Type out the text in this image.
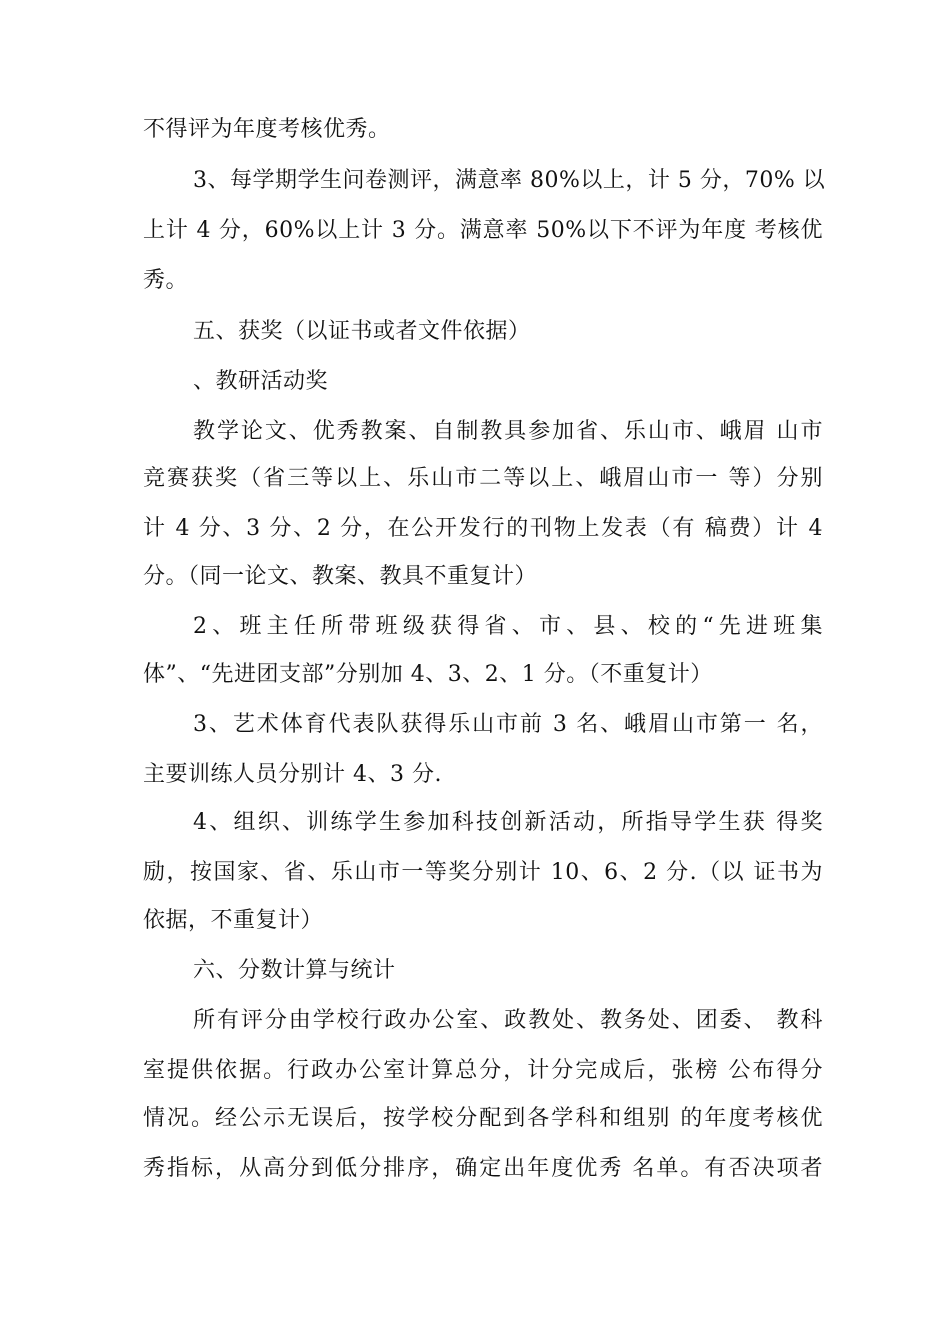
不得评为年度考核优秀。
3、每学期学生问卷测评，满意率 80%以上，计 5 分，70% 以
上计 4 分，60%以上计 3 分。满意率 50%以下不评为年度 考核优
秀。
五、获奖（以证书或者文件依据）
、教研活动奖
教学论文、优秀教案、自制教具参加省、乐山市、峨眉 山市
竞赛获奖（省三等以上、乐山市二等以上、峨眉山市一 等）分别
计 4 分、3 分、2 分，在公开发行的刊物上发表（有 稿费）计 4
分。（同一论文、教案、教具不重复计）
2、班主任所带班级获得省、市、县、校的“先进班集
体”、“先进团支部”分别加 4、3、2、1 分。（不重复计）
3、艺术体育代表队获得乐山市前 3 名、峨眉山市第一 名，
主要训练人员分别计 4、3 分.
4、组织、训练学生参加科技创新活动，所指导学生获 得奖
励，按国家、省、乐山市一等奖分别计 10、6、2 分.（以 证书为
依据，不重复计）
六、分数计算与统计
所有评分由学校行政办公室、政教处、教务处、团委、 教科
室提供依据。行政办公室计算总分，计分完成后，张榜 公布得分
情况。经公示无误后，按学校分配到各学科和组别 的年度考核优
秀指标，从高分到低分排序，确定出年度优秀 名单。有否决项者
